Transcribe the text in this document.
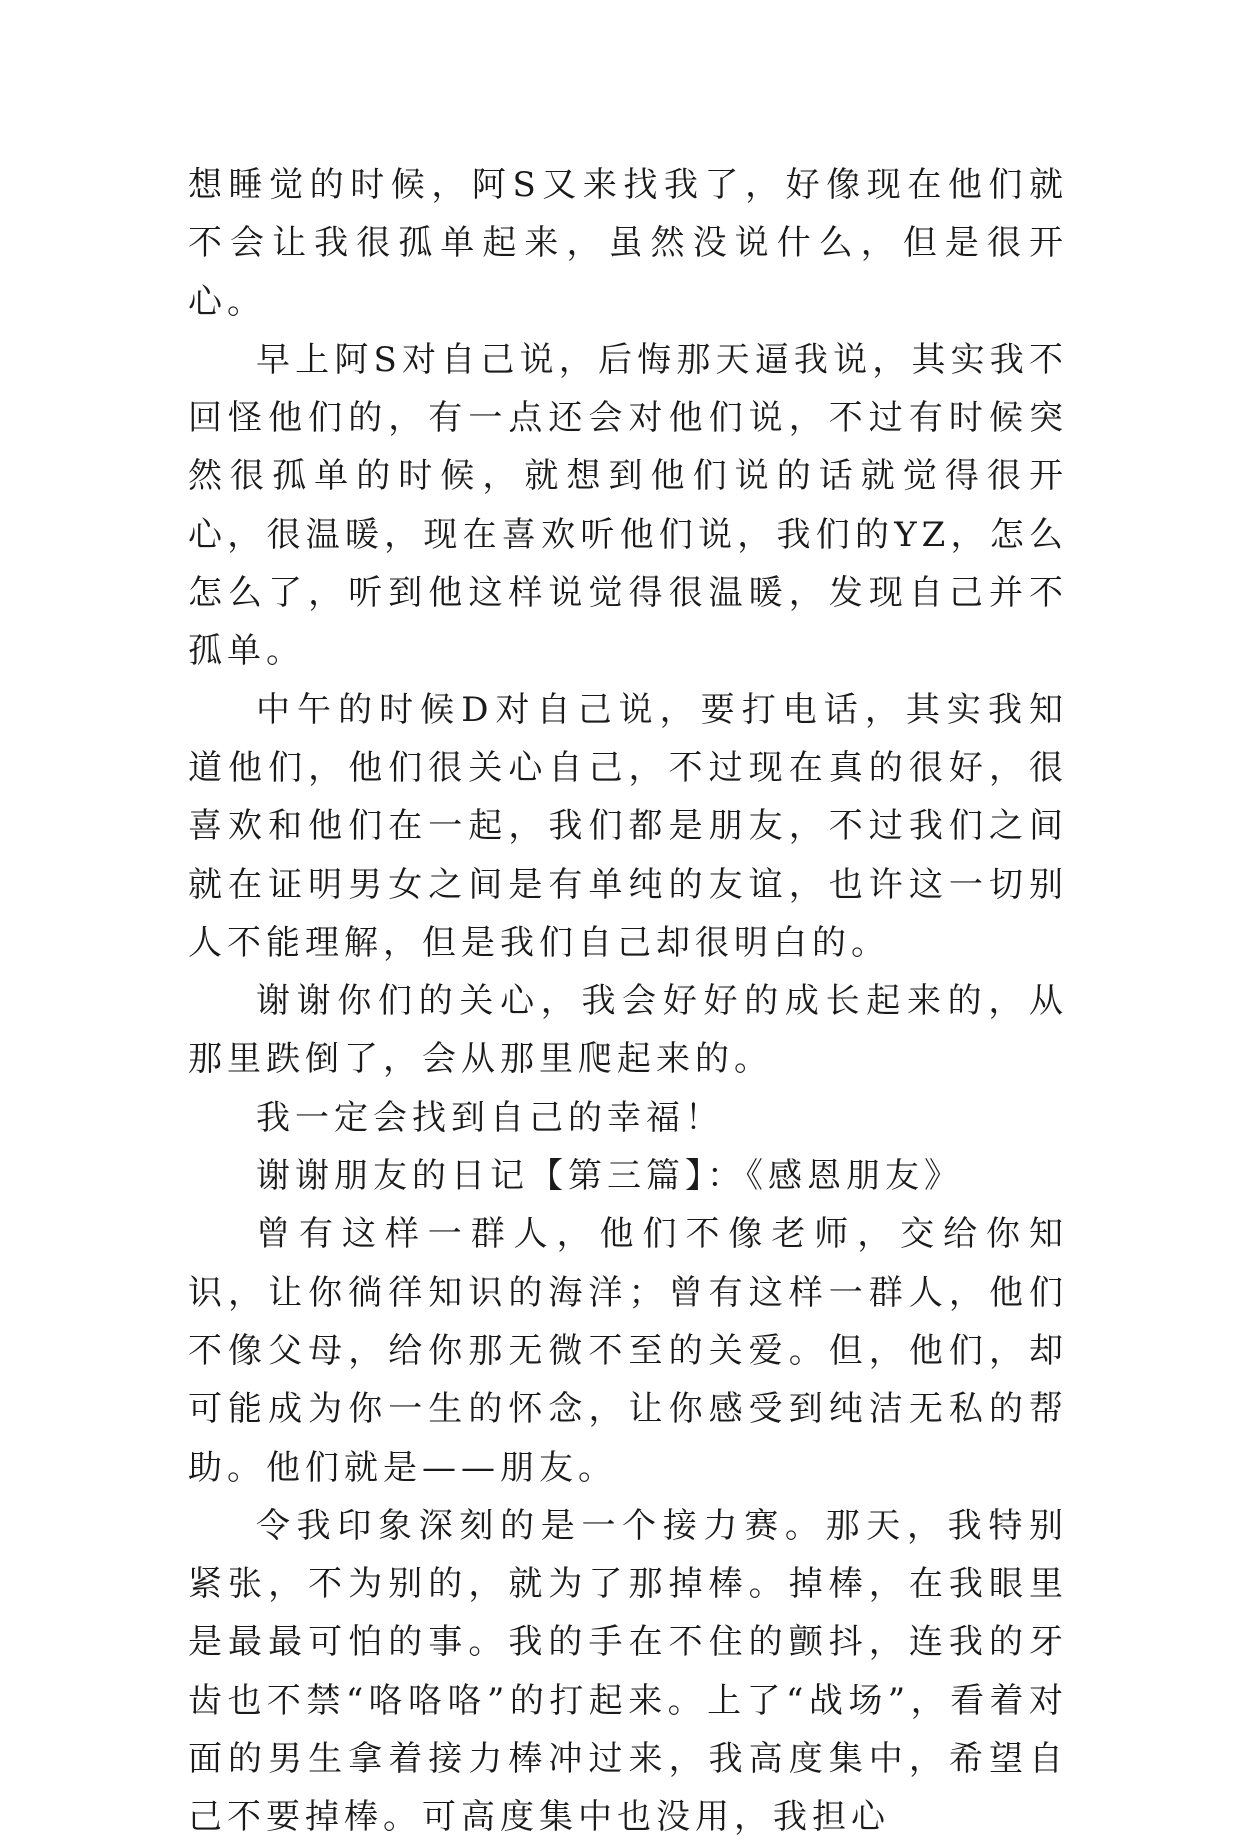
想睡觉的时候，阿S又来找我了，好像现在他们就不会让我很孤单起来，虽然没说什么，但是很开心。

早上阿S对自己说，后悔那天逼我说，其实我不回怪他们的，有一点还会对他们说，不过有时候突然很孤单的时候，就想到他们说的话就觉得很开心，很温暖，现在喜欢听他们说，我们的YZ，怎么怎么了，听到他这样说觉得很温暖，发现自己并不孤单。

中午的时候D对自己说，要打电话，其实我知道他们，他们很关心自己，不过现在真的很好，很喜欢和他们在一起，我们都是朋友，不过我们之间就在证明男女之间是有单纯的友谊，也许这一切别人不能理解，但是我们自己却很明白的。

谢谢你们的关心，我会好好的成长起来的，从那里跌倒了，会从那里爬起来的。

我一定会找到自己的幸福！

谢谢朋友的日记【第三篇】：《感恩朋友》

曾有这样一群人，他们不像老师，交给你知识，让你徜徉知识的海洋；曾有这样一群人，他们不像父母，给你那无微不至的关爱。但，他们，却可能成为你一生的怀念，让你感受到纯洁无私的帮助。他们就是——朋友。

令我印象深刻的是一个接力赛。那天，我特别紧张，不为别的，就为了那掉棒。掉棒，在我眼里是最最可怕的事。我的手在不住的颤抖，连我的牙齿也不禁“咯咯咯”的打起来。上了“战场”，看着对面的男生拿着接力棒冲过来，我高度集中，希望自己不要掉棒。可高度集中也没用，我担心
